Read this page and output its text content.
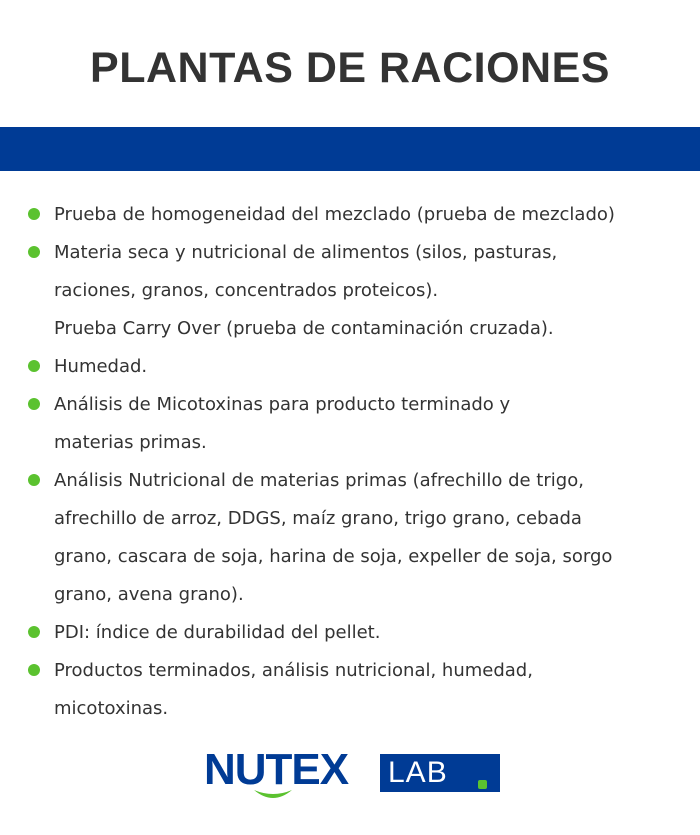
PLANTAS DE RACIONES
Prueba de homogeneidad del mezclado (prueba de mezclado)
Materia seca y nutricional de alimentos (silos, pasturas,
raciones, granos, concentrados proteicos).
Prueba Carry Over (prueba de contaminación cruzada).
Humedad.
Análisis de Micotoxinas para producto terminado y
materias primas.
Análisis Nutricional de materias primas (afrechillo de trigo,
afrechillo de arroz, DDGS, maíz grano, trigo grano, cebada
grano, cascara de soja, harina de soja, expeller de soja, sorgo
grano, avena grano).
PDI: índice de durabilidad del pellet.
Productos terminados, análisis nutricional, humedad,
micotoxinas.
NUTEX LAB
